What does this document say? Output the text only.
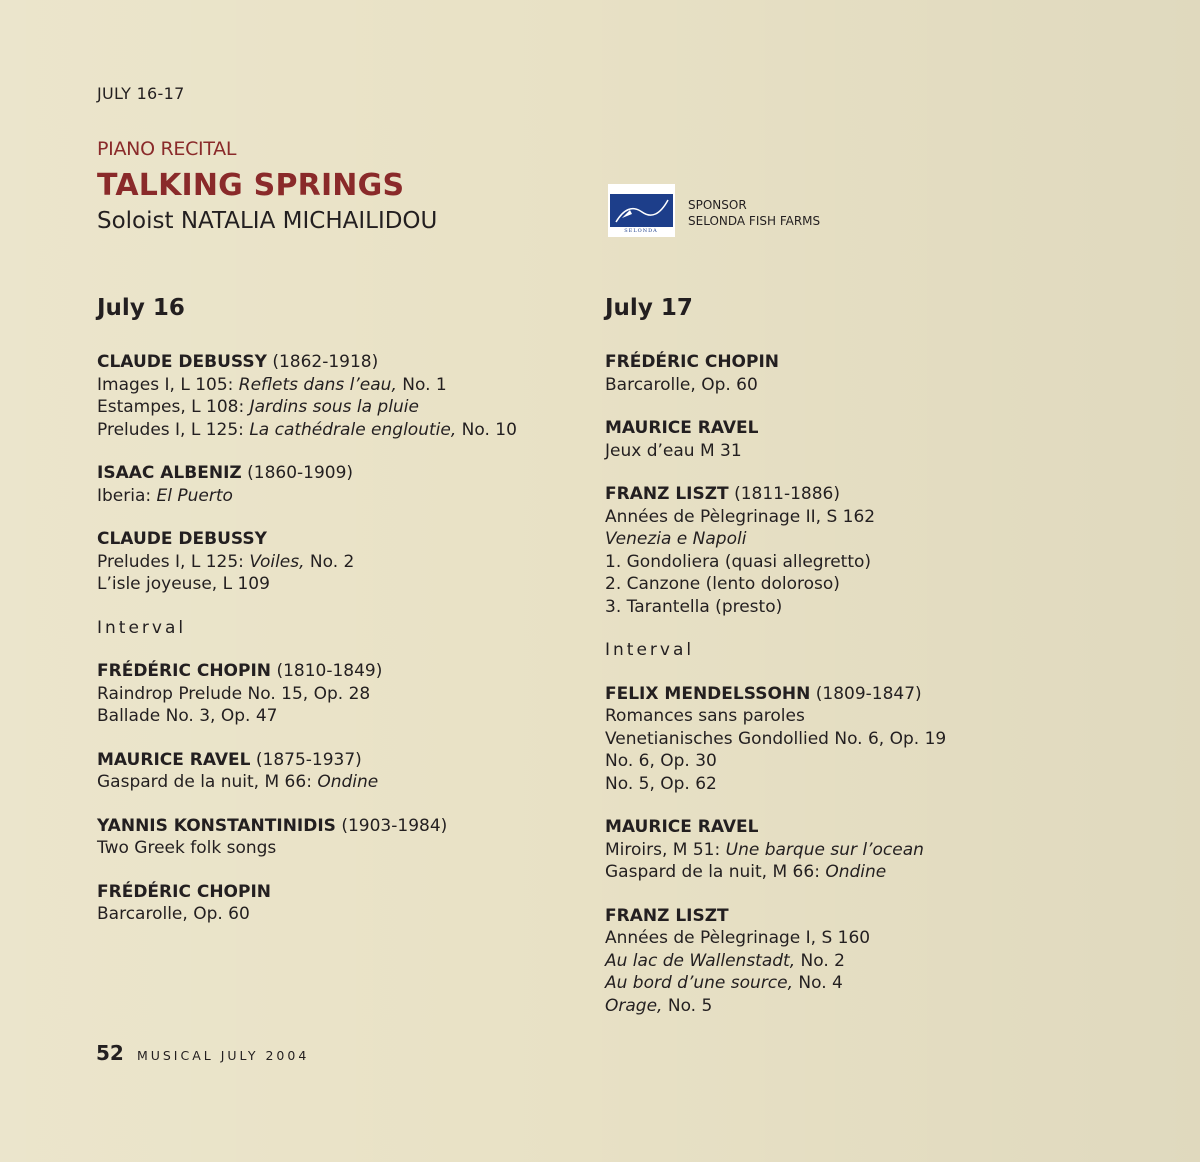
JULY 16-17
PIANO RECITAL
TALKING SPRINGS
Soloist NATALIA MICHAILIDOU	SELONDA
SPONSOR
SELONDA FISH FARMS
July 16
CLAUDE DEBUSSY (1862-1918)
Images I, L 105: Reflets dans l’eau, No. 1
Estampes, L 108: Jardins sous la pluie
Preludes I, L 125: La cathédrale engloutie, No. 10
ISAAC ALBENIZ (1860-1909)
Iberia: El Puerto
CLAUDE DEBUSSY
Preludes I, L 125: Voiles, No. 2
L’isle joyeuse, L 109
Interval
FRÉDÉRIC CHOPIN (1810-1849)
Raindrop Prelude No. 15, Op. 28
Ballade No. 3, Op. 47
MAURICE RAVEL (1875-1937)
Gaspard de la nuit, M 66: Ondine
YANNIS KONSTANTINIDIS (1903-1984)
Two Greek folk songs
FRÉDÉRIC CHOPIN
Barcarolle, Op. 60
July 17
FRÉDÉRIC CHOPIN
Barcarolle, Op. 60
MAURICE RAVEL
Jeux d’eau M 31
FRANZ LISZT (1811-1886)
Années de Pèlegrinage II, S 162
Venezia e Napoli
1. Gondoliera (quasi allegretto)
2. Canzone (lento doloroso)
3. Tarantella (presto)
Interval
FELIX MENDELSSOHN (1809-1847)
Romances sans paroles
Venetianisches Gondollied No. 6, Op. 19
No. 6, Op. 30
No. 5, Op. 62
MAURICE RAVEL
Miroirs, M 51: Une barque sur l’ocean
Gaspard de la nuit, M 66: Ondine
FRANZ LISZT
Années de Pèlegrinage I, S 160
Au lac de Wallenstadt, No. 2
Au bord d’une source, No. 4
Orage, No. 5
52 MUSICAL JULY 2004
